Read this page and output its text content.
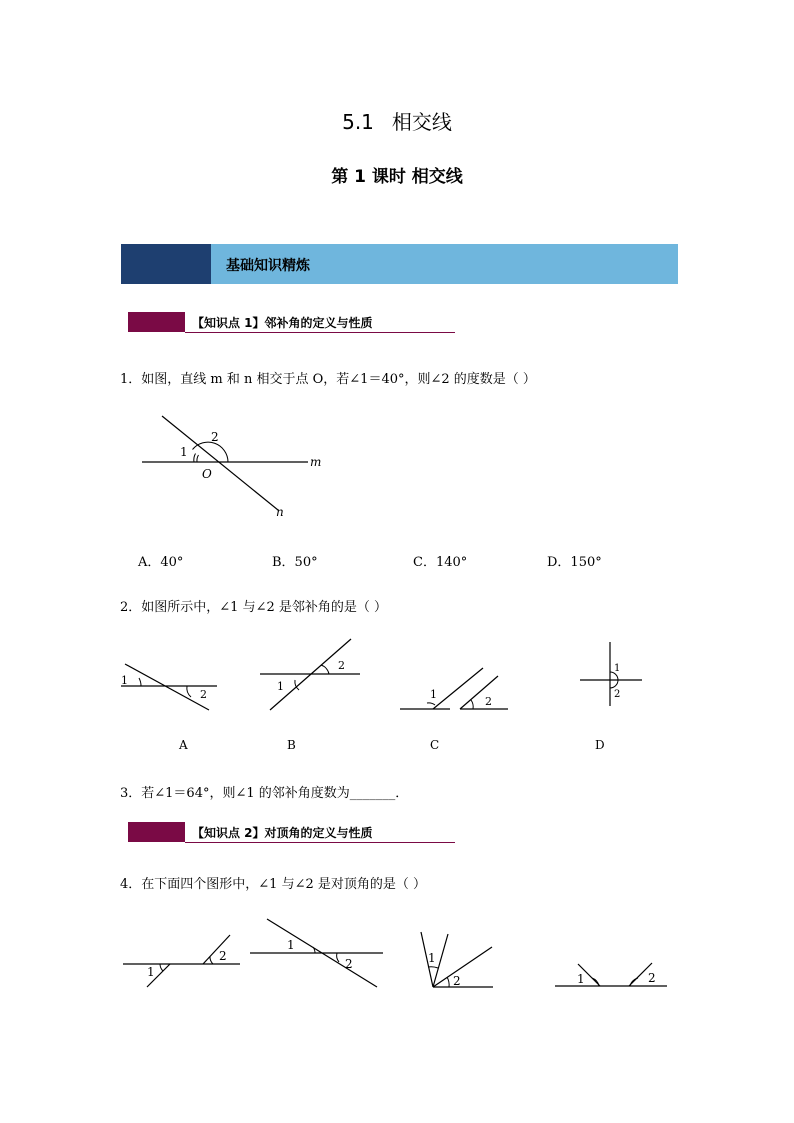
5.1 相交线
第 1 课时 相交线
基础知识精炼
【知识点 1】邻补角的定义与性质
1．如图，直线 m 和 n 相交于点 O，若∠1＝40°，则∠2 的度数是（ ）
2
1
O
m
n
A．40°	B．50°	C．140°	D．150°
2．如图所示中，∠1 与∠2 是邻补角的是（ ）
1
2
A
1
2
B
1
2
C
1
2
D
3．若∠1＝64°，则∠1 的邻补角度数为_______．
【知识点 2】对顶角的定义与性质
4．在下面四个图形中，∠1 与∠2 是对顶角的是（ ）
1
2
1
2	1
2	1	2
